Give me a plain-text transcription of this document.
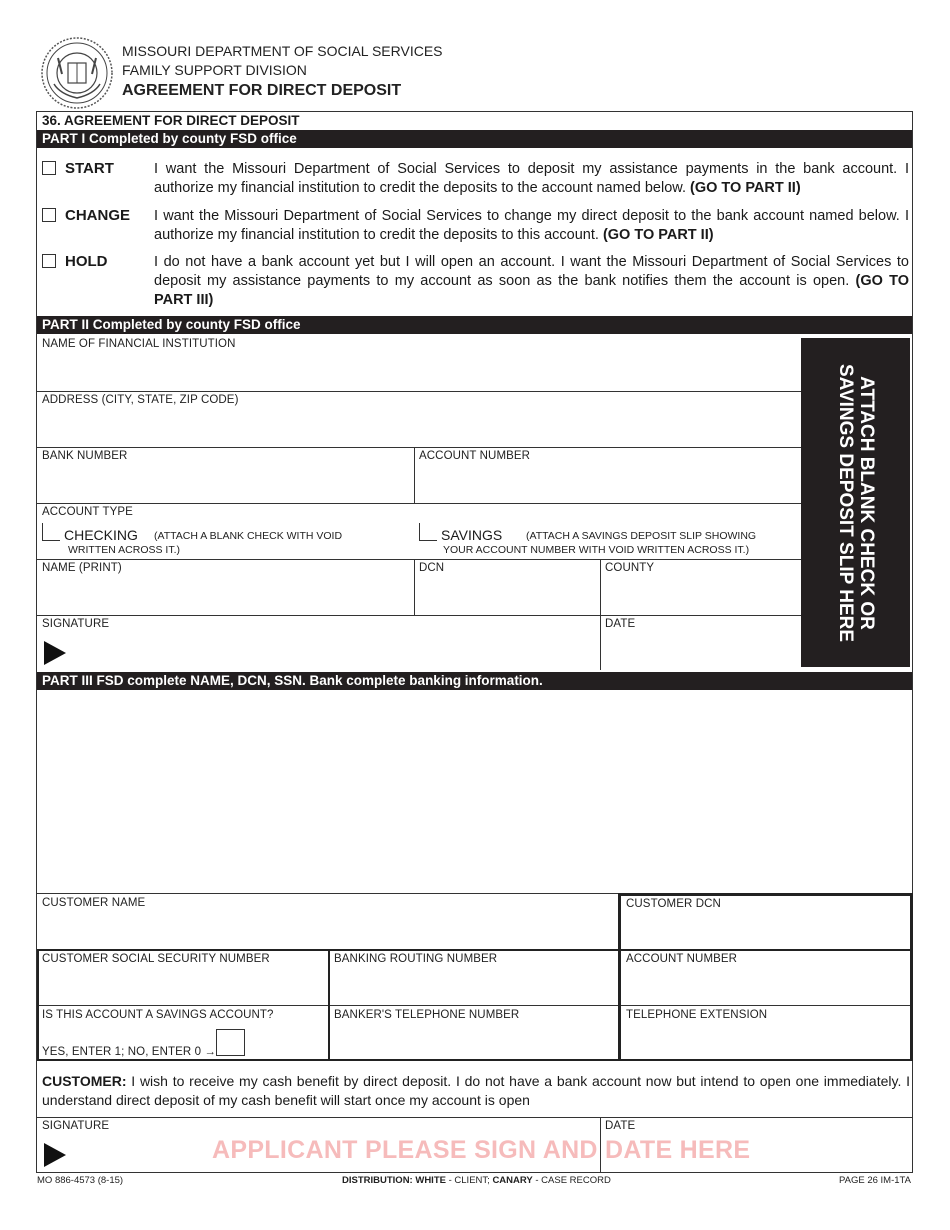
MISSOURI DEPARTMENT OF SOCIAL SERVICES
FAMILY SUPPORT DIVISION
AGREEMENT FOR DIRECT DEPOSIT
36. AGREEMENT FOR DIRECT DEPOSIT
PART I Completed by county FSD office
START	I want the Missouri Department of Social Services to deposit my assistance payments in the bank account. I authorize my financial institution to credit the deposits to the account named below. (GO TO PART II)
CHANGE I want the Missouri Department of Social Services to change my direct deposit to the bank account named below. I authorize my financial institution to credit the deposits to this account. (GO TO PART II)
HOLD	I do not have a bank account yet but I will open an account. I want the Missouri Department of Social Services to deposit my assistance payments to my account as soon as the bank notifies them the account is open. (GO TO PART III)
PART II Completed by county FSD office
NAME OF FINANCIAL INSTITUTION
ADDRESS (CITY, STATE, ZIP CODE)
BANK NUMBER	ACCOUNT NUMBER
ACCOUNT TYPE
CHECKING (ATTACH A BLANK CHECK WITH VOID
WRITTEN ACROSS IT.)
SAVINGS (ATTACH A SAVINGS DEPOSIT SLIP SHOWING
YOUR ACCOUNT NUMBER WITH VOID WRITTEN ACROSS IT.)
NAME (PRINT)	DCN	COUNTY
SIGNATURE	DATE
ATTACH BLANK CHECK OR
SAVINGS DEPOSIT SLIP HERE
PART III FSD complete NAME, DCN, SSN. Bank complete banking information.
CUSTOMER NAME	CUSTOMER DCN
CUSTOMER SOCIAL SECURITY NUMBER	BANKING ROUTING NUMBER	ACCOUNT NUMBER
IS THIS ACCOUNT A SAVINGS ACCOUNT?
YES, ENTER 1; NO, ENTER 0 →
BANKER'S TELEPHONE NUMBER	TELEPHONE EXTENSION
CUSTOMER: I wish to receive my cash benefit by direct deposit. I do not have a bank account now but intend to open one immediately. I understand direct deposit of my cash benefit will start once my account is open
SIGNATURE	DATE
APPLICANT PLEASE SIGN AND DATE HERE
MO 886-4573 (8-15)	DISTRIBUTION: WHITE - CLIENT; CANARY - CASE RECORD	PAGE 26 IM-1TA
